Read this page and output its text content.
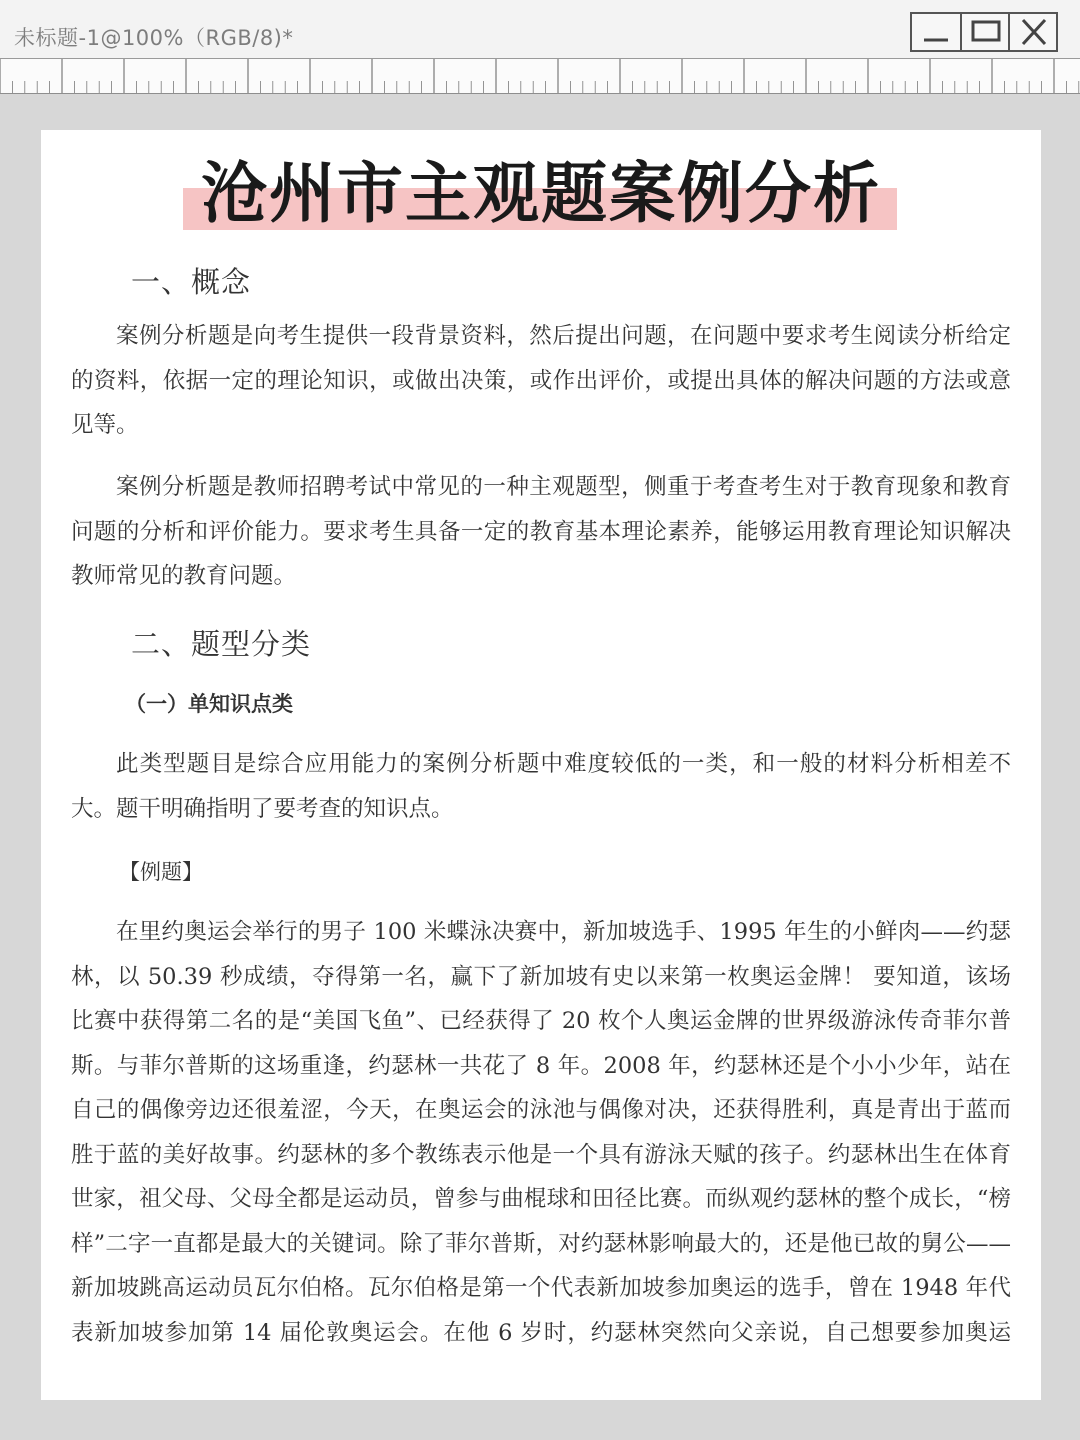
未标题-1@100%（RGB/8)*
沧州市主观题案例分析
一、概念

案例分析题是向考生提供一段背景资料，然后提出问题，在问题中要求考生阅读分析给定的资料，依据一定的理论知识，或做出决策，或作出评价，或提出具体的解决问题的方法或意见等。

案例分析题是教师招聘考试中常见的一种主观题型，侧重于考查考生对于教育现象和教育问题的分析和评价能力。要求考生具备一定的教育基本理论素养，能够运用教育理论知识解决教师常见的教育问题。

二、题型分类
（一）单知识点类

此类型题目是综合应用能力的案例分析题中难度较低的一类，和一般的材料分析相差不大。题干明确指明了要考查的知识点。

【例题】

在里约奥运会举行的男子 100 米蝶泳决赛中，新加坡选手、1995 年生的小鲜肉——约瑟林，以 50.39 秒成绩，夺得第一名，赢下了新加坡有史以来第一枚奥运金牌！ 要知道，该场比赛中获得第二名的是“美国飞鱼”、已经获得了 20 枚个人奥运金牌的世界级游泳传奇菲尔普斯。与菲尔普斯的这场重逢，约瑟林一共花了 8 年。2008 年，约瑟林还是个小小少年，站在自己的偶像旁边还很羞涩，今天，在奥运会的泳池与偶像对决，还获得胜利，真是青出于蓝而胜于蓝的美好故事。约瑟林的多个教练表示他是一个具有游泳天赋的孩子。约瑟林出生在体育世家，祖父母、父母全都是运动员，曾参与曲棍球和田径比赛。而纵观约瑟林的整个成长，“榜样”二字一直都是最大的关键词。除了菲尔普斯，对约瑟林影响最大的，还是他已故的舅公——新加坡跳高运动员瓦尔伯格。瓦尔伯格是第一个代表新加坡参加奥运的选手，曾在 1948 年代表新加坡参加第 14 届伦敦奥运会。在他 6 岁时，约瑟林突然向父亲说，自己想要参加奥运
